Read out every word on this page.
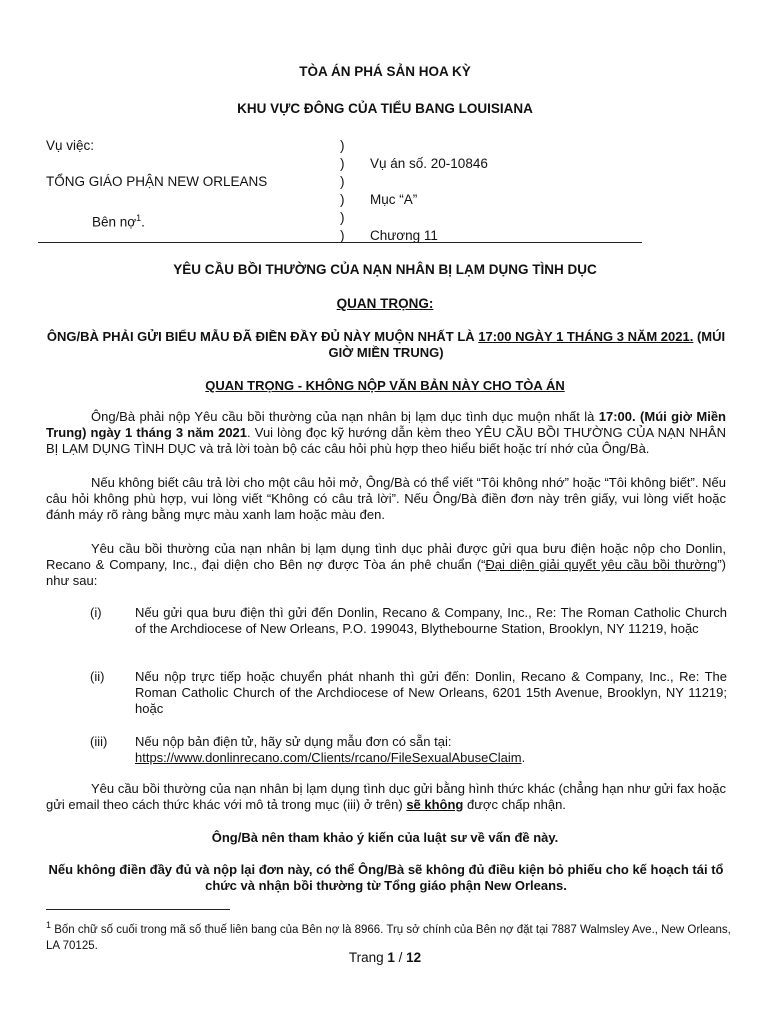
TÒA ÁN PHÁ SẢN HOA KỲ
KHU VỰC ĐÔNG CỦA TIỂU BANG LOUISIANA
Vụ việc:
TỔNG GIÁO PHẬN NEW ORLEANS
Bên nợ$^1$.
)
)
)
)
)
)
Vụ án số. 20-10846
Mục “A”
Chương 11
YÊU CẦU BỒI THƯỜNG CỦA NẠN NHÂN BỊ LẠM DỤNG TÌNH DỤC
QUAN TRỌNG:
ÔNG/BÀ PHẢI GỬI BIỂU MẪU ĐÃ ĐIỀN ĐẦY ĐỦ NÀY MUỘN NHẤT LÀ 17:00 NGÀY 1 THÁNG 3 NĂM 2021. (MÚI GIỜ MIỀN TRUNG)
QUAN TRỌNG - KHÔNG NỘP VĂN BẢN NÀY CHO TÒA ÁN
Ông/Bà phải nộp Yêu cầu bồi thường của nạn nhân bị lạm dục tình dục muộn nhất là 17:00. (Múi giờ Miền Trung) ngày 1 tháng 3 năm 2021. Vui lòng đọc kỹ hướng dẫn kèm theo YÊU CẦU BỒI THƯỜNG CỦA NẠN NHÂN BỊ LẠM DỤNG TÌNH DỤC và trả lời toàn bộ các câu hỏi phù hợp theo hiểu biết hoặc trí nhớ của Ông/Bà.
Nếu không biết câu trả lời cho một câu hỏi mở, Ông/Bà có thể viết “Tôi không nhớ” hoặc “Tôi không biết”. Nếu câu hỏi không phù hợp, vui lòng viết “Không có câu trả lời”. Nếu Ông/Bà điền đơn này trên giấy, vui lòng viết hoặc đánh máy rõ ràng bằng mực màu xanh lam hoặc màu đen.
Yêu cầu bồi thường của nạn nhân bị lạm dụng tình dục phải được gửi qua bưu điện hoặc nộp cho Donlin, Recano & Company, Inc., đại diện cho Bên nợ được Tòa án phê chuẩn (“Đại diện giải quyết yêu cầu bồi thường”) như sau:
(i)	Nếu gửi qua bưu điện thì gửi đến Donlin, Recano & Company, Inc., Re: The Roman Catholic Church of the Archdiocese of New Orleans, P.O. 199043, Blythebourne Station, Brooklyn, NY 11219, hoặc
(ii) Nếu nộp trực tiếp hoặc chuyển phát nhanh thì gửi đến: Donlin, Recano & Company, Inc., Re: The Roman Catholic Church of the Archdiocese of New Orleans, 6201 15th Avenue, Brooklyn, NY 11219; hoặc
(iii) Nếu nộp bản điện tử, hãy sử dụng mẫu đơn có sẵn tại:
https://www.donlinrecano.com/Clients/rcano/FileSexualAbuseClaim.
Yêu cầu bồi thường của nạn nhân bị lạm dụng tình dục gửi bằng hình thức khác (chẳng hạn như gửi fax hoặc gửi email theo cách thức khác với mô tả trong mục (iii) ở trên) sẽ không được chấp nhận.
Ông/Bà nên tham khảo ý kiến của luật sư về vấn đề này.
Nếu không điền đầy đủ và nộp lại đơn này, có thể Ông/Bà sẽ không đủ điều kiện bỏ phiếu cho kế hoạch tái tổ chức và nhận bồi thường từ Tổng giáo phận New Orleans.
$^1$ Bốn chữ số cuối trong mã số thuế liên bang của Bên nợ là 8966. Trụ sở chính của Bên nợ đặt tại 7887 Walmsley Ave., New Orleans, LA 70125.
Trang 1 / 12
